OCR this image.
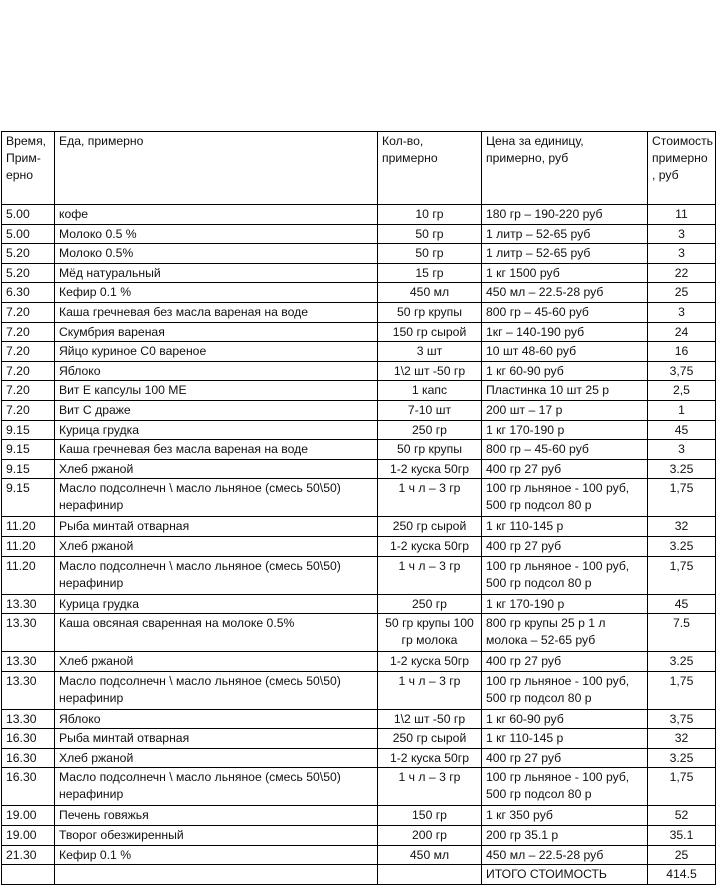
Время, Прим-ерно	Еда, примерно	Кол-во, примерно	Цена за единицу, примерно, руб	Стоимость примерно , руб
5.00	кофе	10 гр	180 гр – 190-220 руб	11
5.00	Молоко 0.5 %	50 гр	1 литр – 52-65 руб	3
5.20	Молоко 0.5%	50 гр	1 литр – 52-65 руб	3
5.20	Мёд натуральный	15 гр	1 кг 1500 руб	22
6.30	Кефир 0.1 %	450 мл	450 мл – 22.5-28 руб	25
7.20	Каша гречневая без масла вареная на воде	50 гр крупы	800 гр – 45-60 руб	3
7.20	Скумбрия вареная	150 гр сырой	1кг – 140-190 руб	24
7.20	Яйцо куриное С0 вареное	3 шт	10 шт 48-60 руб	16
7.20	Яблоко	1\2 шт -50 гр	1 кг 60-90 руб	3,75
7.20	Вит Е капсулы 100 МЕ	1 капс	Пластинка 10 шт 25 р	2,5
7.20	Вит С драже	7-10 шт	200 шт – 17 р	1
9.15	Курица грудка	250 гр	1 кг 170-190 р	45
9.15	Каша гречневая без масла вареная на воде	50 гр крупы	800 гр – 45-60 руб	3
9.15	Хлеб ржаной	1-2 куска 50гр	400 гр 27 руб	3.25
9.15	Масло подсолнечн \ масло льняное (смесь 50\50) нерафинир	1 ч л – 3 гр	100 гр льняное - 100 руб, 500 гр подсол 80 р	1,75
11.20	Рыба минтай отварная	250 гр сырой	1 кг 110-145 р	32
11.20	Хлеб ржаной	1-2 куска 50гр	400 гр 27 руб	3.25
11.20	Масло подсолнечн \ масло льняное (смесь 50\50) нерафинир	1 ч л – 3 гр	100 гр льняное - 100 руб, 500 гр подсол 80 р	1,75
13.30	Курица грудка	250 гр	1 кг 170-190 р	45
13.30	Каша овсяная сваренная на молоке 0.5%	50 гр крупы 100 гр молока	800 гр крупы 25 р 1 л молока – 52-65 руб	7.5
13.30	Хлеб ржаной	1-2 куска 50гр	400 гр 27 руб	3.25
13.30	Масло подсолнечн \ масло льняное (смесь 50\50) нерафинир	1 ч л – 3 гр	100 гр льняное - 100 руб, 500 гр подсол 80 р	1,75
13.30	Яблоко	1\2 шт -50 гр	1 кг 60-90 руб	3,75
16.30	Рыба минтай отварная	250 гр сырой	1 кг 110-145 р	32
16.30	Хлеб ржаной	1-2 куска 50гр	400 гр 27 руб	3.25
16.30	Масло подсолнечн \ масло льняное (смесь 50\50) нерафинир	1 ч л – 3 гр	100 гр льняное - 100 руб, 500 гр подсол 80 р	1,75
19.00	Печень говяжья	150 гр	1 кг 350 руб	52
19.00	Творог обезжиренный	200 гр	200 гр 35.1 р	35.1
21.30	Кефир 0.1 %	450 мл	450 мл – 22.5-28 руб	25
			ИТОГО СТОИМОСТЬ	414.5
